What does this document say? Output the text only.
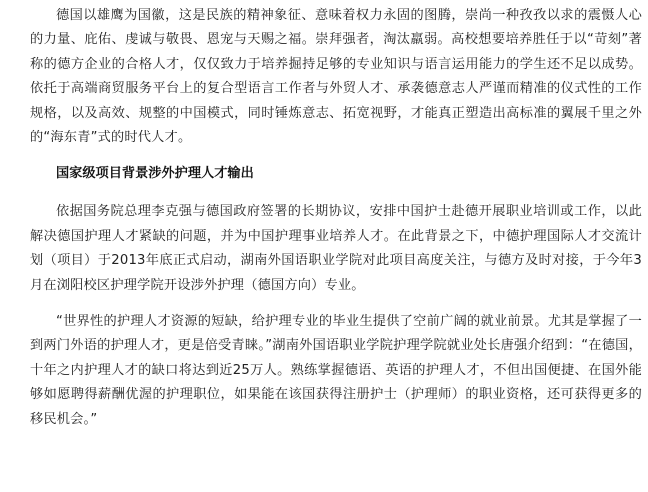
德国以雄鹰为国徽，这是民族的精神象征、意味着权力永固的图腾，崇尚一种孜孜以求的震慑人心的力量、庇佑、虔诚与敬畏、恩宠与天赐之福。崇拜强者，淘汰羸弱。高校想要培养胜任于以“苛刻”著称的德方企业的合格人才，仅仅致力于培养掘持足够的专业知识与语言运用能力的学生还不足以成势。依托于高端商贸服务平台上的复合型语言工作者与外贸人才、承袭德意志人严谨而精准的仪式性的工作规格，以及高效、规整的中国模式，同时锤炼意志、拓宽视野，才能真正塑造出高标准的翼展千里之外的“海东青”式的时代人才。

国家级项目背景涉外护理人才输出

依据国务院总理李克强与德国政府签署的长期协议，安排中国护士赴德开展职业培训或工作，以此解决德国护理人才紧缺的问题，并为中国护理事业培养人才。在此背景之下，中德护理国际人才交流计划（项目）于2013年底正式启动，湖南外国语职业学院对此项目高度关注，与德方及时对接，于今年3月在浏阳校区护理学院开设涉外护理（德国方向）专业。

“世界性的护理人才资源的短缺，给护理专业的毕业生提供了空前广阔的就业前景。尤其是掌握了一到两门外语的护理人才，更是倍受青睐。”湖南外国语职业学院护理学院就业处长唐强介绍到：“在德国，十年之内护理人才的缺口将达到近25万人。熟练掌握德语、英语的护理人才，不但出国便捷、在国外能够如愿聘得薪酬优渥的护理职位，如果能在该国获得注册护士（护理师）的职业资格，还可获得更多的移民机会。”
